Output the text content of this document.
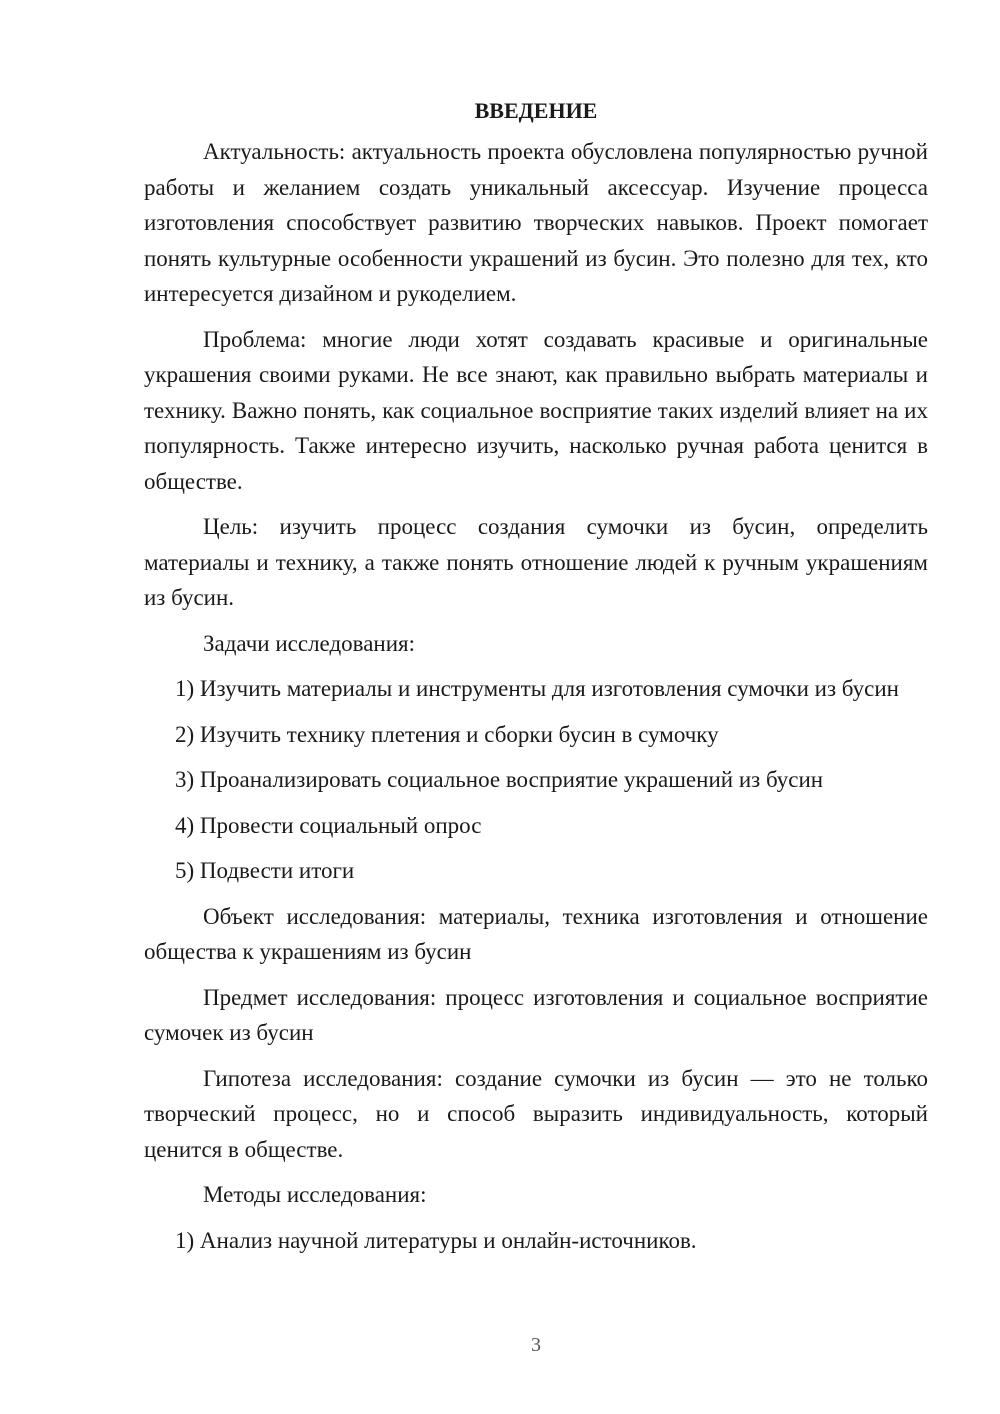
ВВЕДЕНИЕ

Актуальность: актуальность проекта обусловлена популярностью ручной работы и желанием создать уникальный аксессуар. Изучение процесса изготовления способствует развитию творческих навыков. Проект помогает понять культурные особенности украшений из бусин. Это полезно для тех, кто интересуется дизайном и рукоделием.

Проблема: многие люди хотят создавать красивые и оригинальные украшения своими руками. Не все знают, как правильно выбрать материалы и технику. Важно понять, как социальное восприятие таких изделий влияет на их популярность. Также интересно изучить, насколько ручная работа ценится в обществе.

Цель: изучить процесс создания сумочки из бусин, определить материалы и технику, а также понять отношение людей к ручным украшениям из бусин.

Задачи исследования:

1) Изучить материалы и инструменты для изготовления сумочки из бусин

2) Изучить технику плетения и сборки бусин в сумочку

3) Проанализировать социальное восприятие украшений из бусин

4) Провести социальный опрос

5) Подвести итоги

Объект исследования: материалы, техника изготовления и отношение общества к украшениям из бусин

Предмет исследования: процесс изготовления и социальное восприятие сумочек из бусин

Гипотеза исследования: создание сумочки из бусин — это не только творческий процесс, но и способ выразить индивидуальность, который ценится в обществе.

Методы исследования:

1) Анализ научной литературы и онлайн-источников.

3
